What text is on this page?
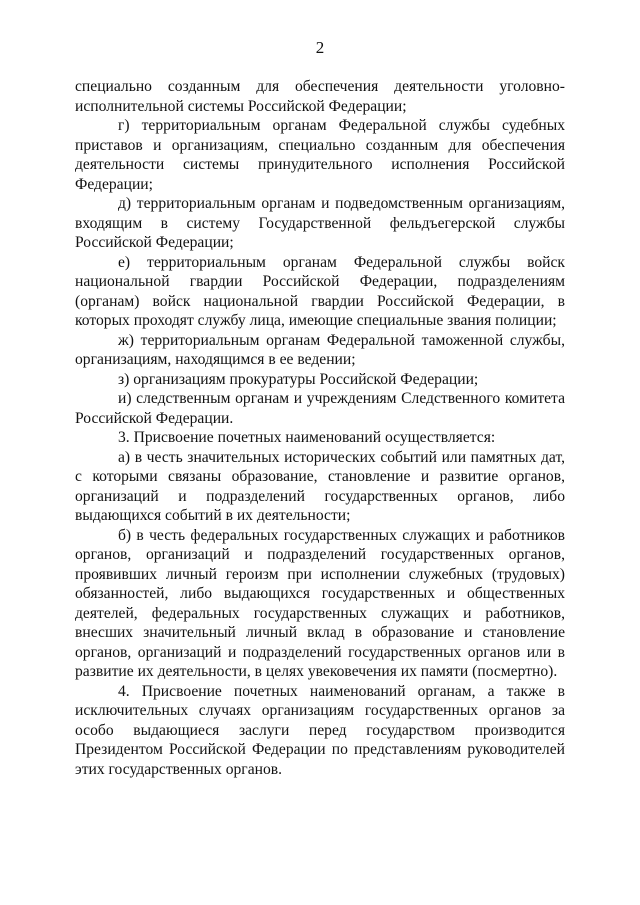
2

специально созданным для обеспечения деятельности уголовно-исполнительной системы Российской Федерации;

г) территориальным органам Федеральной службы судебных приставов и организациям, специально созданным для обеспечения деятельности системы принудительного исполнения Российской Федерации;

д) территориальным органам и подведомственным организациям, входящим в систему Государственной фельдъегерской службы Российской Федерации;

е) территориальным органам Федеральной службы войск национальной гвардии Российской Федерации, подразделениям (органам) войск национальной гвардии Российской Федерации, в которых проходят службу лица, имеющие специальные звания полиции;

ж) территориальным органам Федеральной таможенной службы, организациям, находящимся в ее ведении;

з) организациям прокуратуры Российской Федерации;

и) следственным органам и учреждениям Следственного комитета Российской Федерации.

3. Присвоение почетных наименований осуществляется:

а) в честь значительных исторических событий или памятных дат, с которыми связаны образование, становление и развитие органов, организаций и подразделений государственных органов, либо выдающихся событий в их деятельности;

б) в честь федеральных государственных служащих и работников органов, организаций и подразделений государственных органов, проявивших личный героизм при исполнении служебных (трудовых) обязанностей, либо выдающихся государственных и общественных деятелей, федеральных государственных служащих и работников, внесших значительный личный вклад в образование и становление органов, организаций и подразделений государственных органов или в развитие их деятельности, в целях увековечения их памяти (посмертно).

4. Присвоение почетных наименований органам, а также в исключительных случаях организациям государственных органов за особо выдающиеся заслуги перед государством производится Президентом Российской Федерации по представлениям руководителей этих государственных органов.
